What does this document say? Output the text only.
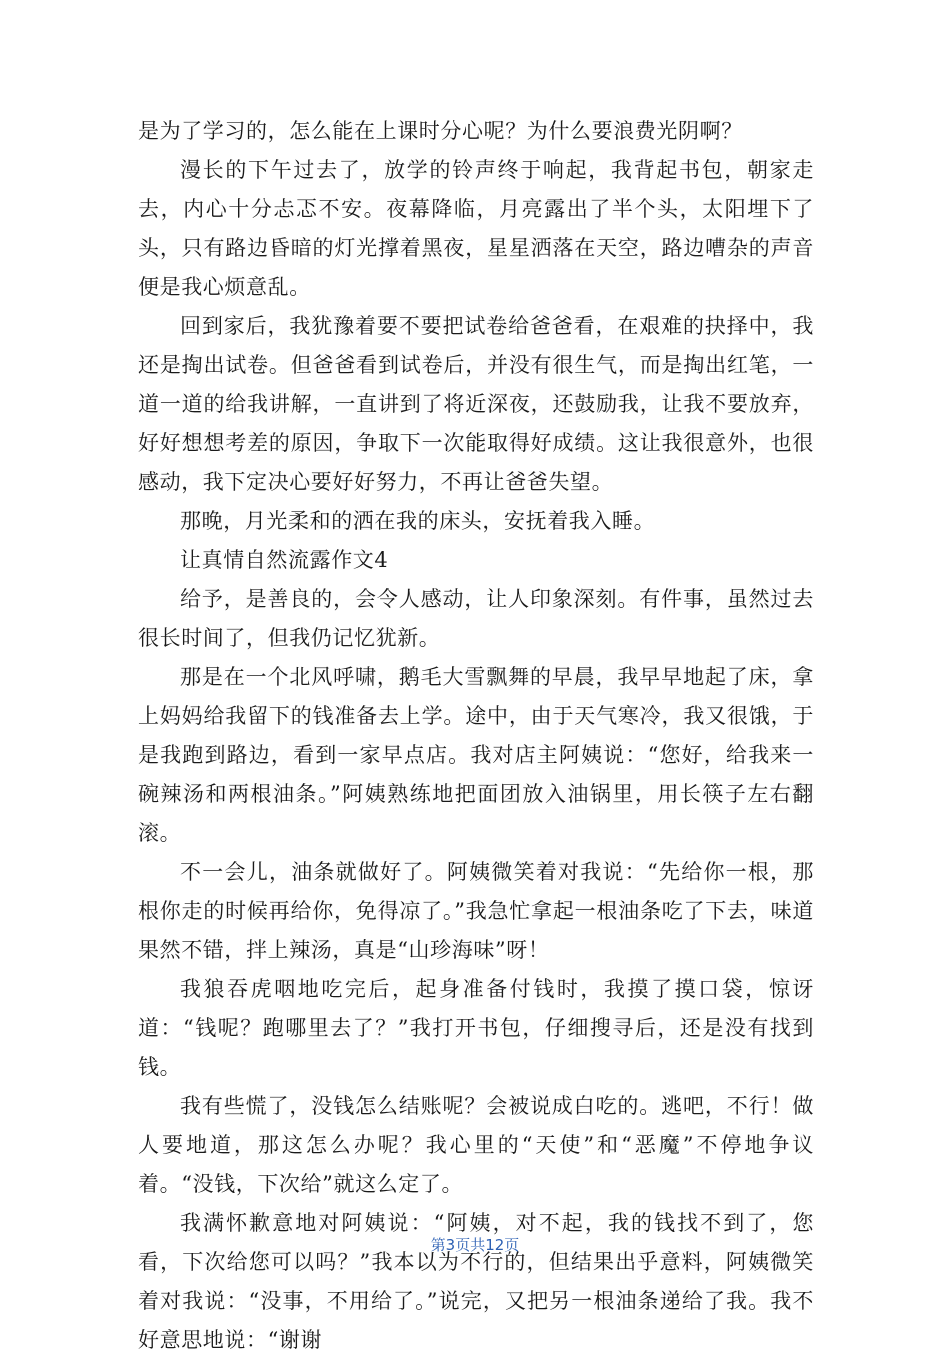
是为了学习的，怎么能在上课时分心呢？为什么要浪费光阴啊？

漫长的下午过去了，放学的铃声终于响起，我背起书包，朝家走去，内心十分忐忑不安。夜幕降临，月亮露出了半个头，太阳埋下了头，只有路边昏暗的灯光撑着黑夜，星星洒落在天空，路边嘈杂的声音便是我心烦意乱。

回到家后，我犹豫着要不要把试卷给爸爸看，在艰难的抉择中，我还是掏出试卷。但爸爸看到试卷后，并没有很生气，而是掏出红笔，一道一道的给我讲解，一直讲到了将近深夜，还鼓励我，让我不要放弃，好好想想考差的原因，争取下一次能取得好成绩。这让我很意外，也很感动，我下定决心要好好努力，不再让爸爸失望。

那晚，月光柔和的洒在我的床头，安抚着我入睡。

让真情自然流露作文4

给予，是善良的，会令人感动，让人印象深刻。有件事，虽然过去很长时间了，但我仍记忆犹新。

那是在一个北风呼啸，鹅毛大雪飘舞的早晨，我早早地起了床，拿上妈妈给我留下的钱准备去上学。途中，由于天气寒冷，我又很饿，于是我跑到路边，看到一家早点店。我对店主阿姨说：“您好，给我来一碗辣汤和两根油条。”阿姨熟练地把面团放入油锅里，用长筷子左右翻滚。

不一会儿，油条就做好了。阿姨微笑着对我说：“先给你一根，那根你走的时候再给你，免得凉了。”我急忙拿起一根油条吃了下去，味道果然不错，拌上辣汤，真是“山珍海味”呀！

我狼吞虎咽地吃完后，起身准备付钱时，我摸了摸口袋，惊讶道：“钱呢？跑哪里去了？”我打开书包，仔细搜寻后，还是没有找到钱。

我有些慌了，没钱怎么结账呢？会被说成白吃的。逃吧，不行！做人要地道，那这怎么办呢？我心里的“天使”和“恶魔”不停地争议着。“没钱，下次给”就这么定了。

我满怀歉意地对阿姨说：“阿姨，对不起，我的钱找不到了，您看，下次给您可以吗？”我本以为不行的，但结果出乎意料，阿姨微笑着对我说：“没事，不用给了。”说完，又把另一根油条递给了我。我不好意思地说：“谢谢

第3页共12页
